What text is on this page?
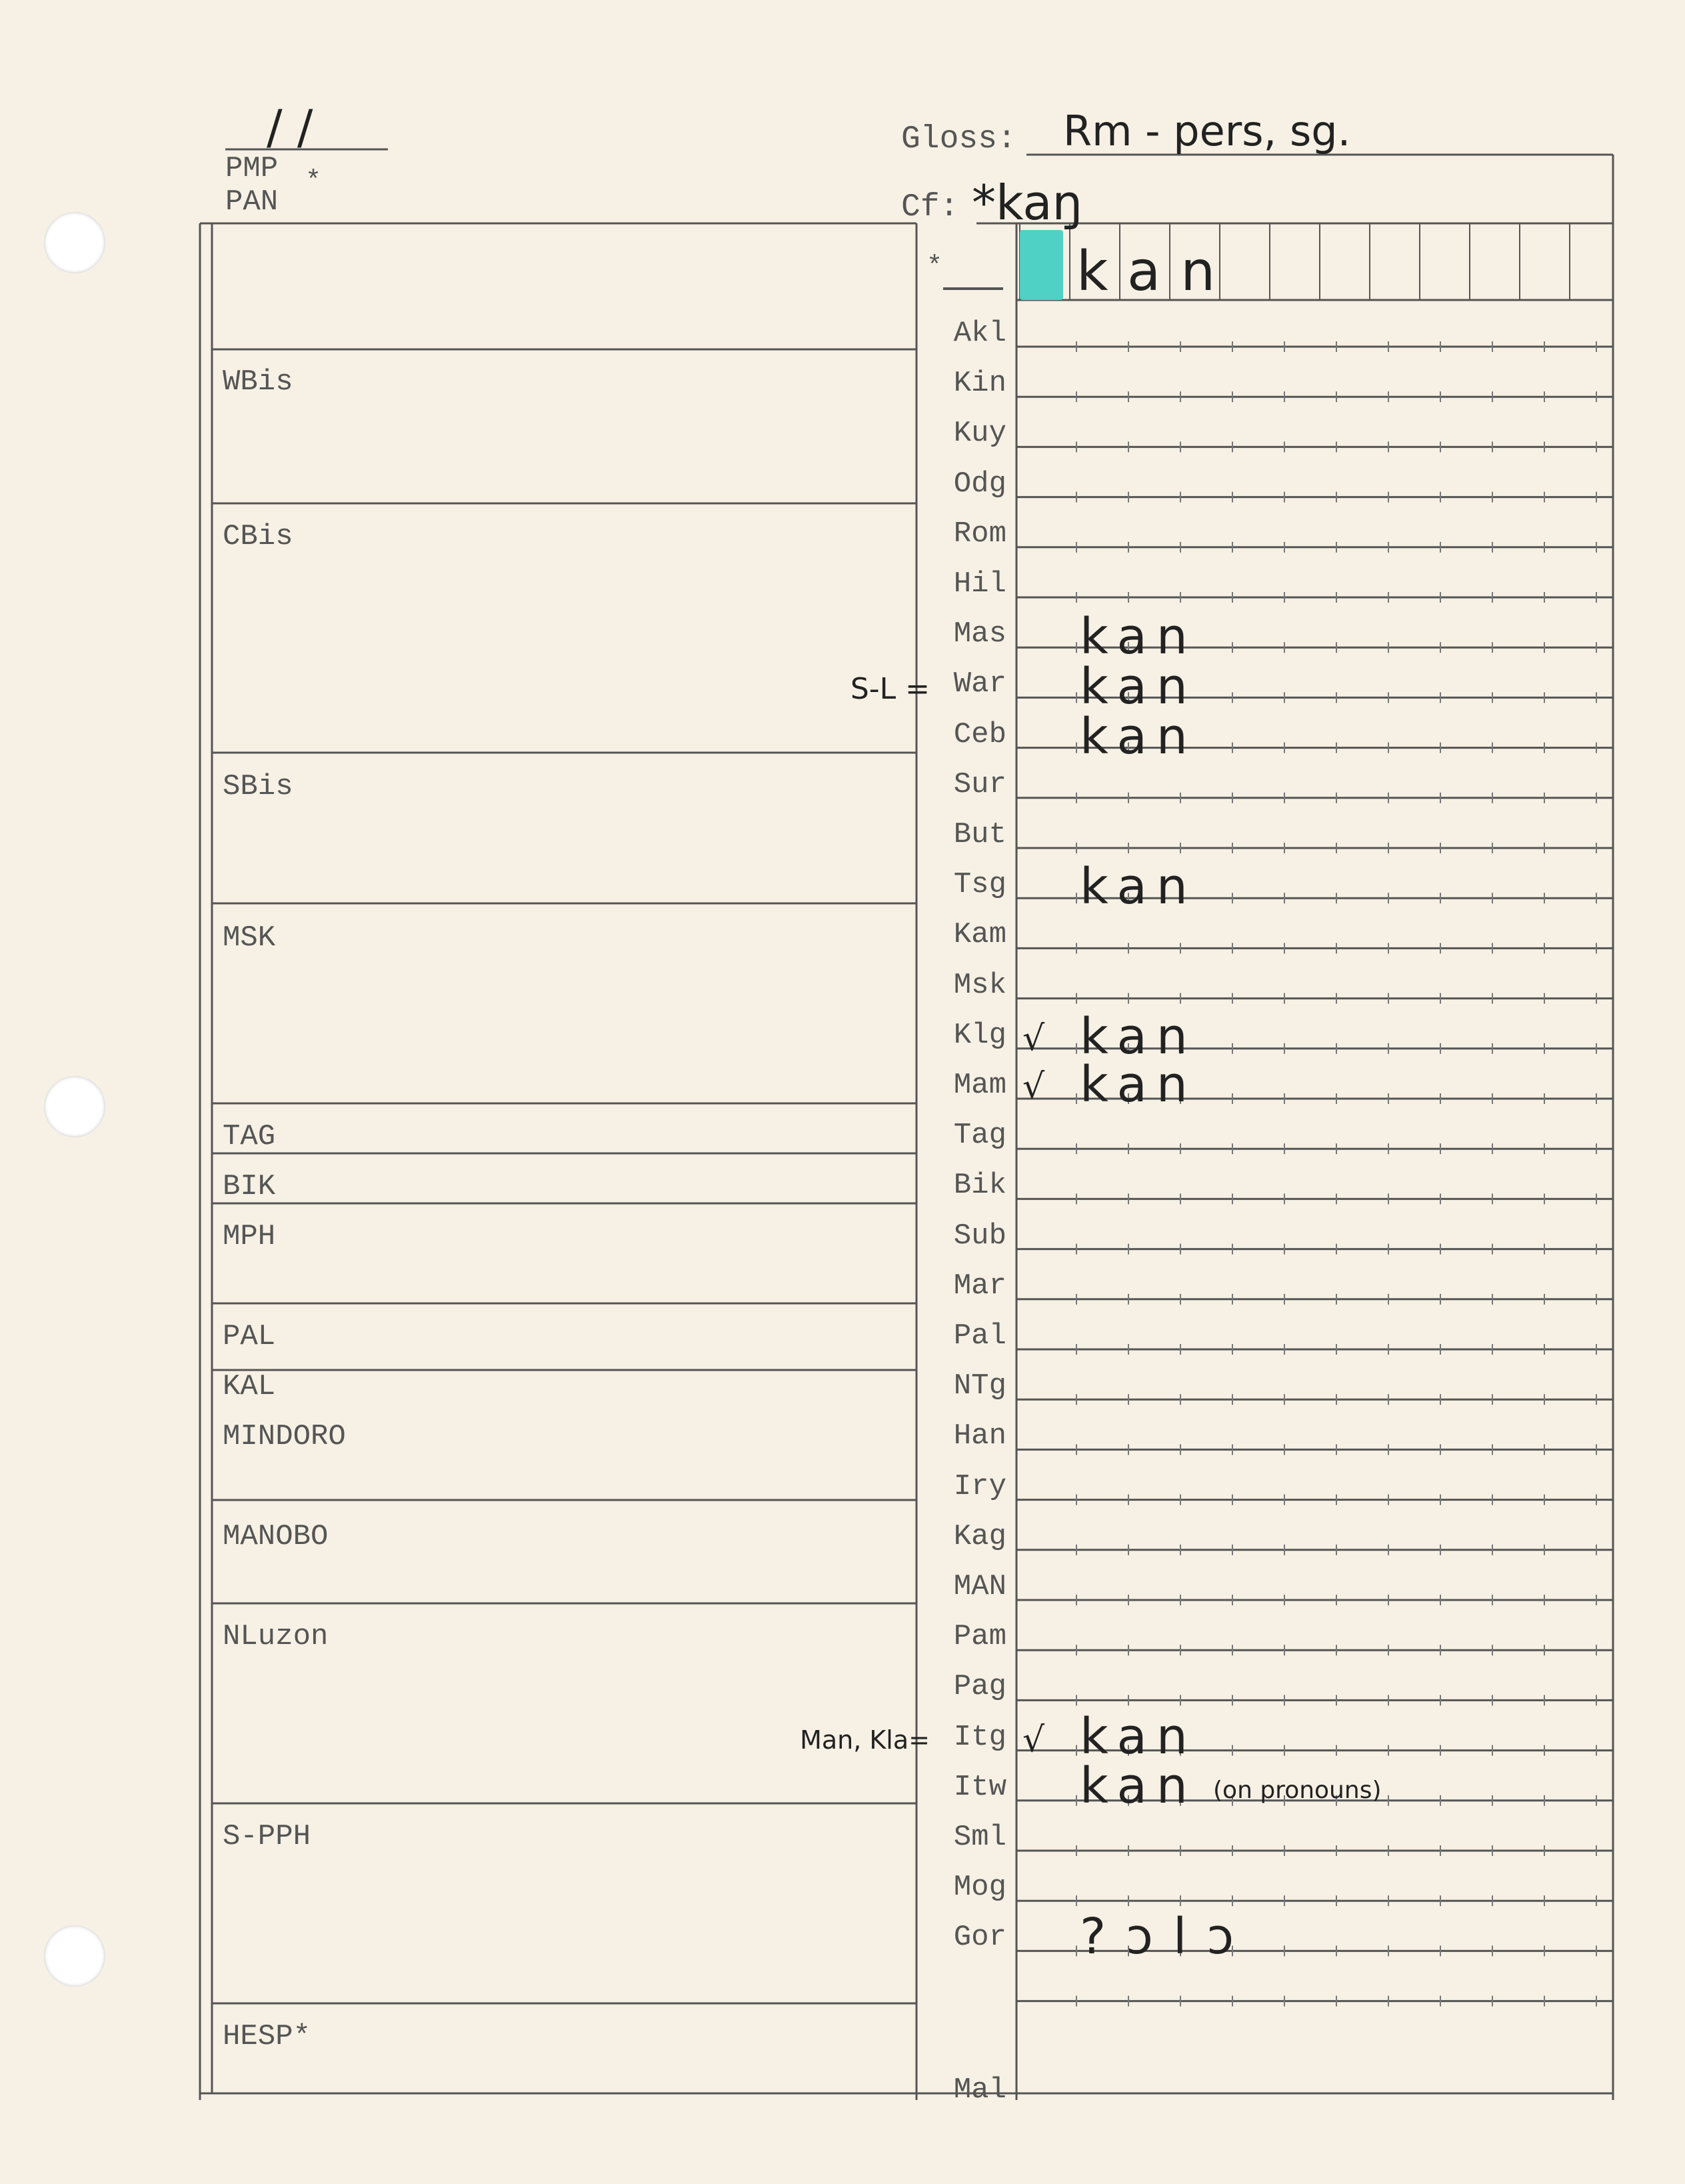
/ /
PMP *
PAN
Gloss: Rm - pers, sg.
Cf: *kaŋ
* kan
WBis
CBis
SBis
MSK
TAG
BIK
MPH
PAL
KAL
MINDORO
MANOBO
NLuzon
S-PPH
HESP*
Akl
Kin
Kuy
Odg
Rom
Hil
Mas
War
Ceb
Sur
But
Tsg
Kam
Msk
Klg
Mam
Tag
Bik
Sub
Mar
Pal
NTg
Han
Iry
Kag
MAN
Pam
Pag
Itg
Itw
Sml
Mog
Gor
Mal
kan
kan
kan
kan
√ kan
√ kan
√ kan
kan (on pronouns)
?ɔlɔ
S-L =
Man, Kla=
